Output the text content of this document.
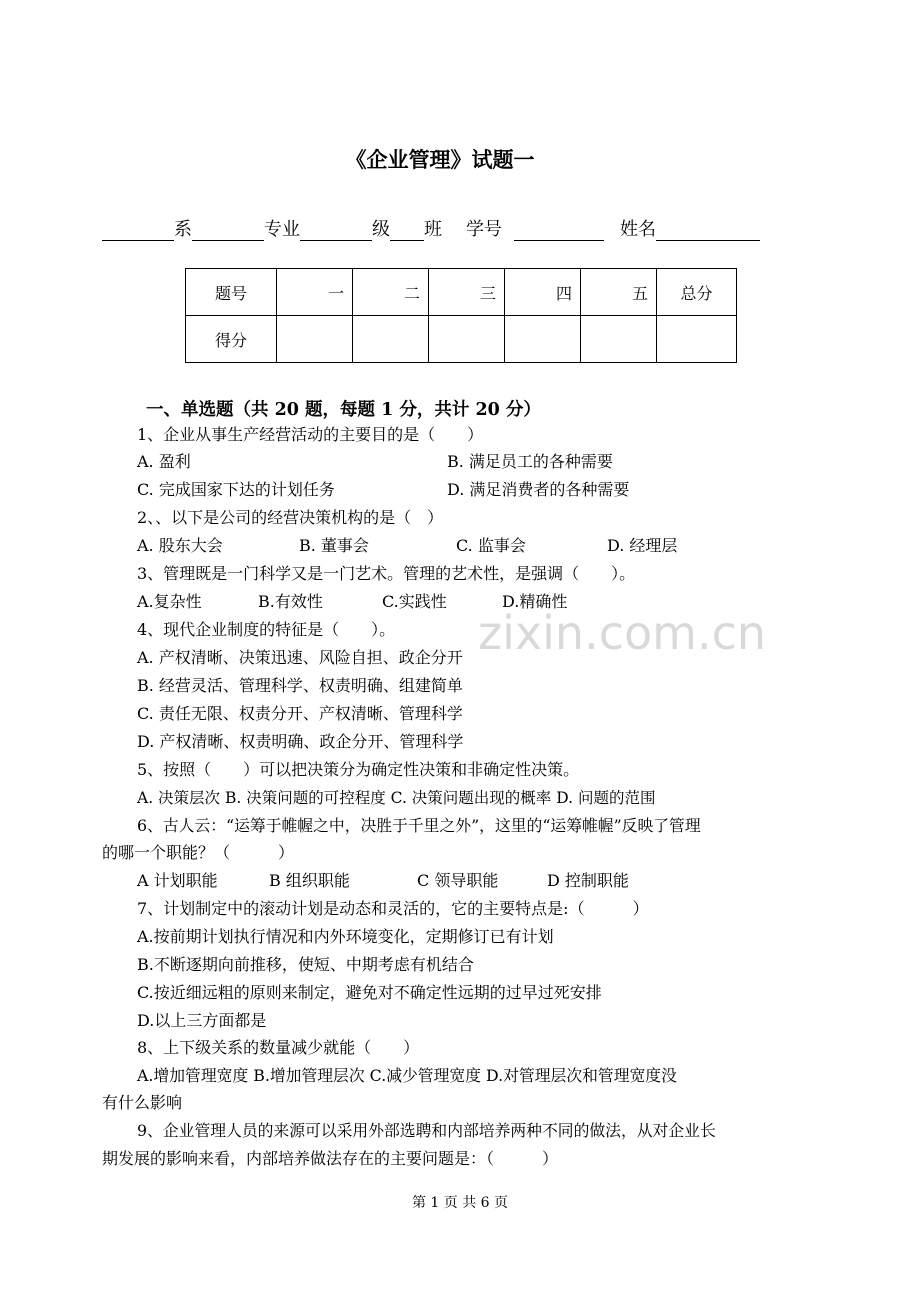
《企业管理》试题一
系	专业	级 班 学号	姓名
题号	一	二	三	四	五	总分
得分						
一、单选题（共 20 题，每题 1 分，共计 20 分）
1、企业从事生产经营活动的主要目的是（　　）
A. 盈利	B. 满足员工的各种需要
C. 完成国家下达的计划任务	D. 满足消费者的各种需要
2、、以下是公司的经营决策机构的是（　）
A. 股东大会	B. 董事会	C. 监事会	D. 经理层
3、管理既是一门科学又是一门艺术。管理的艺术性，是强调（　　）。
A.复杂性	B.有效性	C.实践性	D.精确性
4、现代企业制度的特征是（　　）。
A. 产权清晰、决策迅速、风险自担、政企分开
B. 经营灵活、管理科学、权责明确、组建简单
C. 责任无限、权责分开、产权清晰、管理科学
D. 产权清晰、权责明确、政企分开、管理科学
5、按照（　　）可以把决策分为确定性决策和非确定性决策。
A. 决策层次 B. 决策问题的可控程度 C. 决策问题出现的概率 D. 问题的范围
6、古人云：“运筹于帷幄之中，决胜于千里之外”，这里的“运筹帷幄”反映了管理
的哪一个职能？（　　　）
A 计划职能	B 组织职能	C 领导职能	D 控制职能
7、计划制定中的滚动计划是动态和灵活的，它的主要特点是:（　　　）
A.按前期计划执行情况和内外环境变化，定期修订已有计划
B.不断逐期向前推移，使短、中期考虑有机结合
C.按近细远粗的原则来制定，避免对不确定性远期的过早过死安排
D.以上三方面都是
8、上下级关系的数量减少就能（　　）
A.增加管理宽度 B.增加管理层次 C.减少管理宽度 D.对管理层次和管理宽度没
有什么影响
9、企业管理人员的来源可以采用外部选聘和内部培养两种不同的做法，从对企业长
期发展的影响来看，内部培养做法存在的主要问题是：（　　　）
zixin.com.cn
第 1 页 共 6 页
